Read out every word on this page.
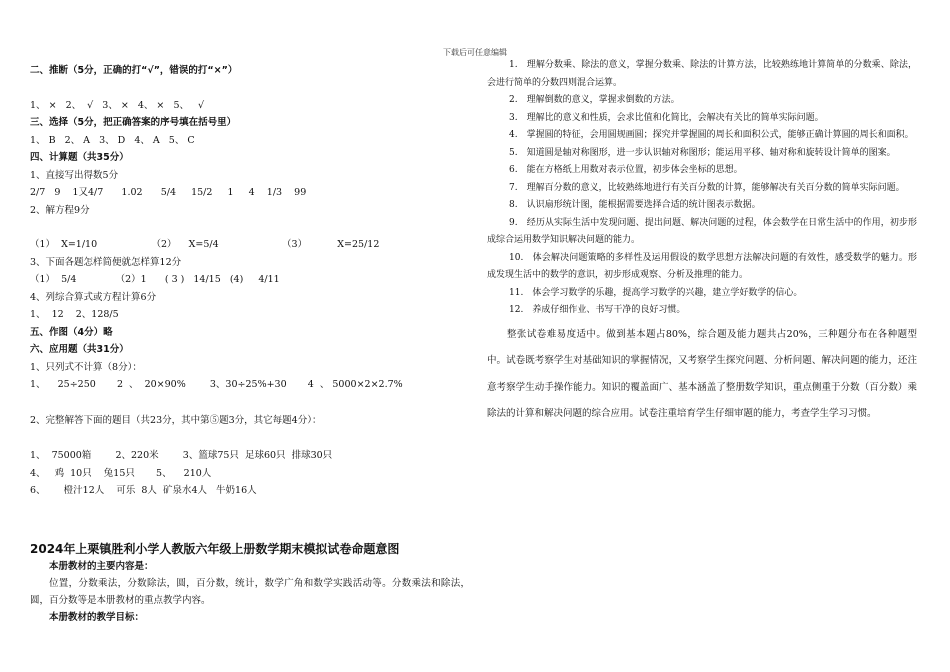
下载后可任意编辑
二、推断（5分，正确的打“√”，错误的打“×”）
1、 ×   2、  √   3、 ×   4、 ×   5、   √
三、选择（5分，把正确答案的序号填在括号里）
1、 B   2、 A   3、 D   4、 A   5、 C
四、计算题（共35分）
1、直接写出得数5分
2/7   9    1又4/7      1.02      5/4     15/2     1     4    1/3    99
2、解方程9分
（1）  X=1/10                  （2）    X=5/4                     （3）          X=25/12
3、下面各题怎样简便就怎样算12分
（1）  5/4             （2）1      ( 3 )   14/15   (4)     4/11
4、列综合算式或方程计算6分
1、  12    2、128/5
五、作图（4分）略
六、应用题（共31分）
1、只列式不计算（8分）：
1、    25÷250       2  、  20×90%        3、30÷25%+30       4  、 5000×2×2.7%
2、完整解答下面的题目（共23分，其中第⑤题3分，其它每题4分）：
1、  75000箱        2、220米        3、篮球75只  足球60只  排球30只
4、   鸡  10只    兔15只       5、    210人
6、      橙汁12人    可乐  8人  矿泉水4人   牛奶16人
2024年上栗镇胜利小学人教版六年级上册数学期末模拟试卷命题意图
本册教材的主要内容是：
位置，分数乘法，分数除法，圆，百分数，统计，数学广角和数学实践活动等。分数乘法和除法，圆，百分数等是本册教材的重点教学内容。
本册教材的教学目标：

1.　理解分数乘、除法的意义，掌握分数乘、除法的计算方法，比较熟练地计算简单的分数乘、除法，会进行简单的分数四则混合运算。

2.　理解倒数的意义，掌握求倒数的方法。

3.　理解比的意义和性质，会求比值和化简比，会解决有关比的简单实际问题。

4.　掌握圆的特征，会用圆规画圆；探究并掌握圆的周长和面积公式，能够正确计算圆的周长和面积。

5.　知道圆是轴对称图形，进一步认识轴对称图形；能运用平移、轴对称和旋转设计简单的图案。

6.　能在方格纸上用数对表示位置，初步体会坐标的思想。

7.　理解百分数的意义，比较熟练地进行有关百分数的计算，能够解决有关百分数的简单实际问题。

8.　认识扇形统计图，能根据需要选择合适的统计图表示数据。

9.　经历从实际生活中发现问题、提出问题、解决问题的过程，体会数学在日常生活中的作用，初步形成综合运用数学知识解决问题的能力。

10.　体会解决问题策略的多样性及运用假设的数学思想方法解决问题的有效性，感受数学的魅力。形成发现生活中的数学的意识，初步形成观察、分析及推理的能力。

11.　体会学习数学的乐趣，提高学习数学的兴趣，建立学好数学的信心。

12.　养成仔细作业、书写干净的良好习惯。

整张试卷难易度适中。做到基本题占80%，综合题及能力题共占20%，三种题分布在各种题型中。试卷既考察学生对基础知识的掌握情况，又考察学生探究问题、分析问题、解决问题的能力，还注意考察学生动手操作能力。知识的覆盖面广、基本涵盖了整册数学知识，重点侧重于分数（百分数）乘除法的计算和解决问题的综合应用。试卷注重培育学生仔细审题的能力，考查学生学习习惯。
